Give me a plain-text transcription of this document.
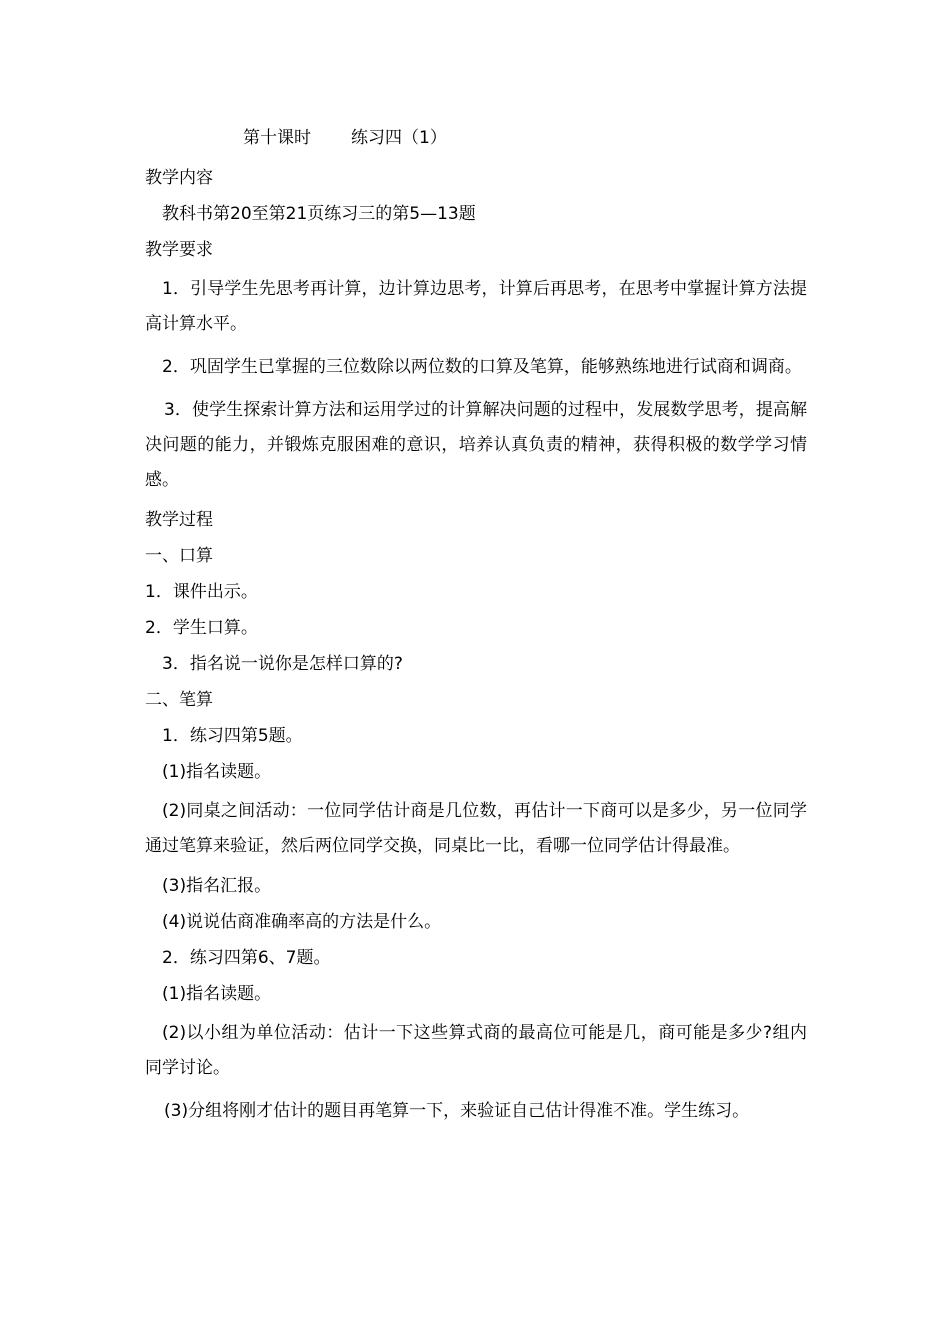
第十课时 练习四（1）
教学内容
教科书第20至第21页练习三的第5—13题
教学要求
1．引导学生先思考再计算，边计算边思考，计算后再思考，在思考中掌握计算方法提高计算水平。
2．巩固学生已掌握的三位数除以两位数的口算及笔算，能够熟练地进行试商和调商。
3．使学生探索计算方法和运用学过的计算解决问题的过程中，发展数学思考，提高解决问题的能力，并锻炼克服困难的意识，培养认真负责的精神，获得积极的数学学习情感。
教学过程
一、口算
1．课件出示。
2．学生口算。
3．指名说一说你是怎样口算的?
二、笔算
1．练习四第5题。
(1)指名读题。
(2)同桌之间活动：一位同学估计商是几位数，再估计一下商可以是多少，另一位同学通过笔算来验证，然后两位同学交换，同桌比一比，看哪一位同学估计得最准。
(3)指名汇报。
(4)说说估商准确率高的方法是什么。
2．练习四第6、7题。
(1)指名读题。
(2)以小组为单位活动：估计一下这些算式商的最高位可能是几，商可能是多少?组内同学讨论。
(3)分组将刚才估计的题目再笔算一下，来验证自己估计得准不准。学生练习。
